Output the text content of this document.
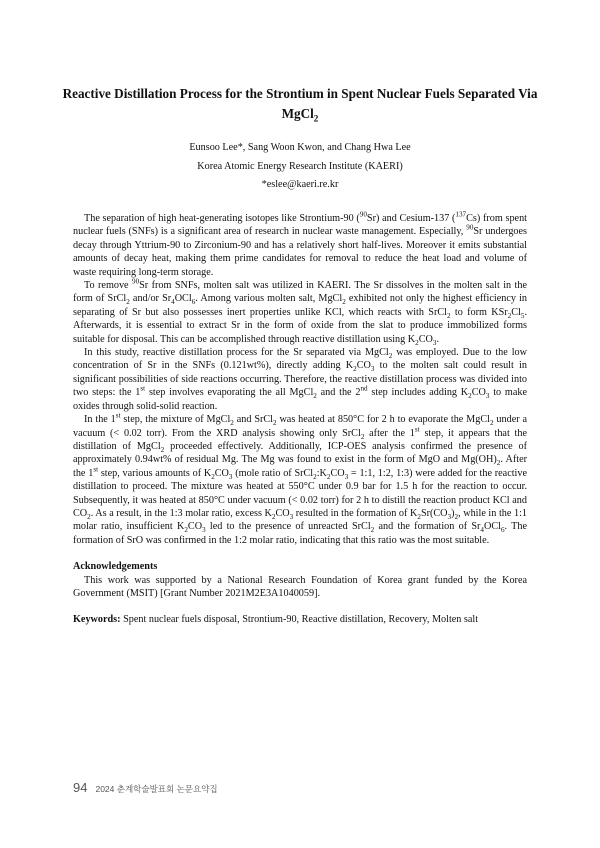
Reactive Distillation Process for the Strontium in Spent Nuclear Fuels Separated Via MgCl$_2$
Eunsoo Lee*, Sang Woon Kwon, and Chang Hwa Lee
Korea Atomic Energy Research Institute (KAERI)
*eslee@kaeri.re.kr

The separation of high heat-generating isotopes like Strontium-90 ($^{90}$Sr) and Cesium-137 ($^{137}$Cs) from spent nuclear fuels (SNFs) is a significant area of research in nuclear waste management. Especially, $^{90}$Sr undergoes decay through Yttrium-90 to Zirconium-90 and has a relatively short half-lives. Moreover it emits substantial amounts of decay heat, making them prime candidates for removal to reduce the heat load and volume of waste requiring long-term storage.

To remove $^{90}$Sr from SNFs, molten salt was utilized in KAERI. The Sr dissolves in the molten salt in the form of SrCl$_2$ and/or $Sr_4OCl_6$. Among various molten salt, MgCl$_2$ exhibited not only the highest efficiency in separating of Sr but also possesses inert properties unlike KCl, which reacts with SrCl$_2$ to form $KSr_2Cl_5$. Afterwards, it is essential to extract Sr in the form of oxide from the slat to produce immobilized forms suitable for disposal. This can be accomplished through reactive distillation using $K_2CO_3$.

In this study, reactive distillation process for the Sr separated via MgCl$_2$ was employed. Due to the low concentration of Sr in the SNFs (0.121wt%), directly adding $K_2CO_3$ to the molten salt could result in significant possibilities of side reactions occurring. Therefore, the reactive distillation process was divided into two steps: the 1st step involves evaporating the all MgCl$_2$ and the 2nd step includes adding $K_2CO_3$ to make oxides through solid-solid reaction.

In the 1st step, the mixture of MgCl$_2$ and SrCl$_2$ was heated at 850°C for 2 h to evaporate the MgCl$_2$ under a vacuum (< 0.02 torr). From the XRD analysis showing only SrCl$_2$ after the 1st step, it appears that the distillation of MgCl$_2$ proceeded effectively. Additionally, ICP-OES analysis confirmed the presence of approximately 0.94wt% of residual Mg. The Mg was found to exist in the form of MgO and $Mg(OH)_2$. After the 1st step, various amounts of $K_2CO_3$ (mole ratio of $SrCl_2:K_2CO_3$ = 1:1, 1:2, 1:3) were added for the reactive distillation to proceed. The mixture was heated at 550°C under 0.9 bar for 1.5 h for the reaction to occur. Subsequently, it was heated at 850°C under vacuum (< 0.02 torr) for 2 h to distill the reaction product KCl and $CO_2$. As a result, in the 1:3 molar ratio, excess $K_2CO_3$ resulted in the formation of $K_2Sr(CO_3)_2$, while in the 1:1 molar ratio, insufficient $K_2CO_3$ led to the presence of unreacted SrCl$_2$ and the formation of $Sr_4OCl_6$. The formation of SrO was confirmed in the 1:2 molar ratio, indicating that this ratio was the most suitable.

Acknowledgements

This work was supported by a National Research Foundation of Korea grant funded by the Korea Government (MSIT) [Grant Number 2021M2E3A1040059].

Keywords: Spent nuclear fuels disposal, Strontium-90, Reactive distillation, Recovery, Molten salt

94 2024 춘계학술발표회 논문요약집
